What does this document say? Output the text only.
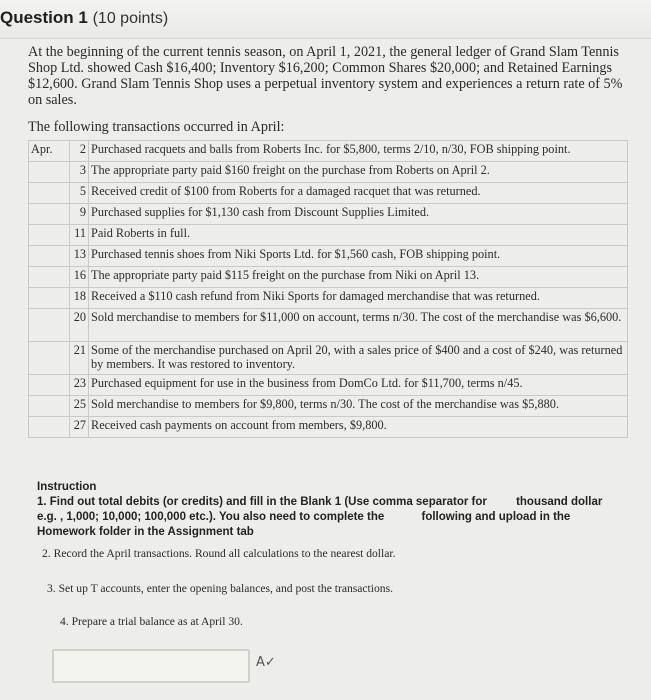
Question 1 (10 points)
At the beginning of the current tennis season, on April 1, 2021, the general ledger of Grand Slam Tennis Shop Ltd. showed Cash $16,400; Inventory $16,200; Common Shares $20,000; and Retained Earnings $12,600. Grand Slam Tennis Shop uses a perpetual inventory system and experiences a return rate of 5% on sales.
The following transactions occurred in April:
Apr.	2	Purchased racquets and balls from Roberts Inc. for $5,800, terms 2/10, n/30, FOB shipping point.
	3	The appropriate party paid $160 freight on the purchase from Roberts on April 2.
	5	Received credit of $100 from Roberts for a damaged racquet that was returned.
	9	Purchased supplies for $1,130 cash from Discount Supplies Limited.
	11	Paid Roberts in full.
	13	Purchased tennis shoes from Niki Sports Ltd. for $1,560 cash, FOB shipping point.
	16	The appropriate party paid $115 freight on the purchase from Niki on April 13.
	18	Received a $110 cash refund from Niki Sports for damaged merchandise that was returned.
	20	Sold merchandise to members for $11,000 on account, terms n/30. The cost of the merchandise was $6,600.
	21	Some of the merchandise purchased on April 20, with a sales price of $400 and a cost of $240, was returned by members. It was restored to inventory.
	23	Purchased equipment for use in the business from DomCo Ltd. for $11,700, terms n/45.
	25	Sold merchandise to members for $9,800, terms n/30. The cost of the merchandise was $5,880.
	27	Received cash payments on account from members, $9,800.
Instruction
1. Find out total debits (or credits) and fill in the Blank 1 (Use comma separator for	thousand dollar
e.g. , 1,000; 10,000; 100,000 etc.). You also need to complete the	following and upload in the
Homework folder in the Assignment tab
2. Record the April transactions. Round all calculations to the nearest dollar.
3. Set up T accounts, enter the opening balances, and post the transactions.
4. Prepare a trial balance as at April 30.
A✓
